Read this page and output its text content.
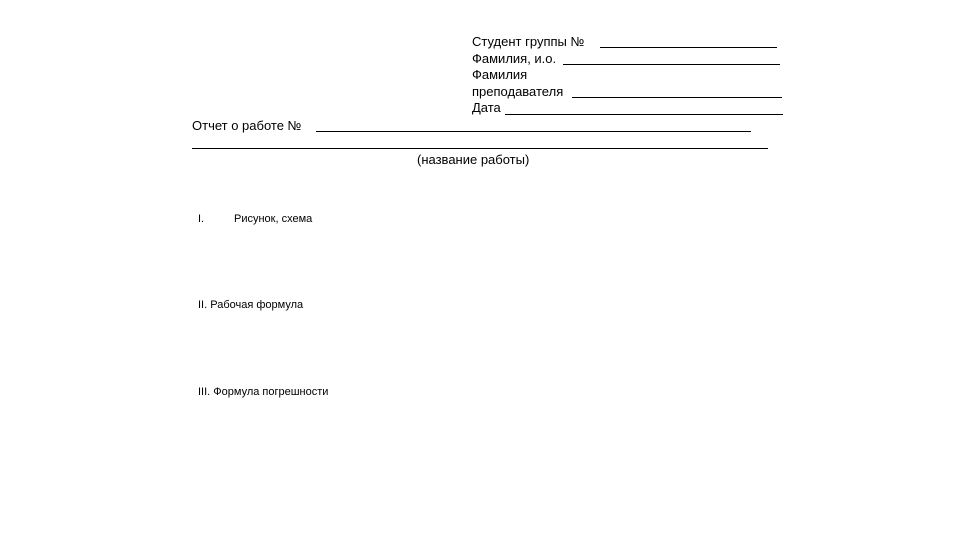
Студент группы №
Фамилия, и.о.
Фамилия
преподавателя
Дата
Отчет о работе №
(название работы)
I.	Рисунок, схема
II. Рабочая формула
III. Формула погрешности
